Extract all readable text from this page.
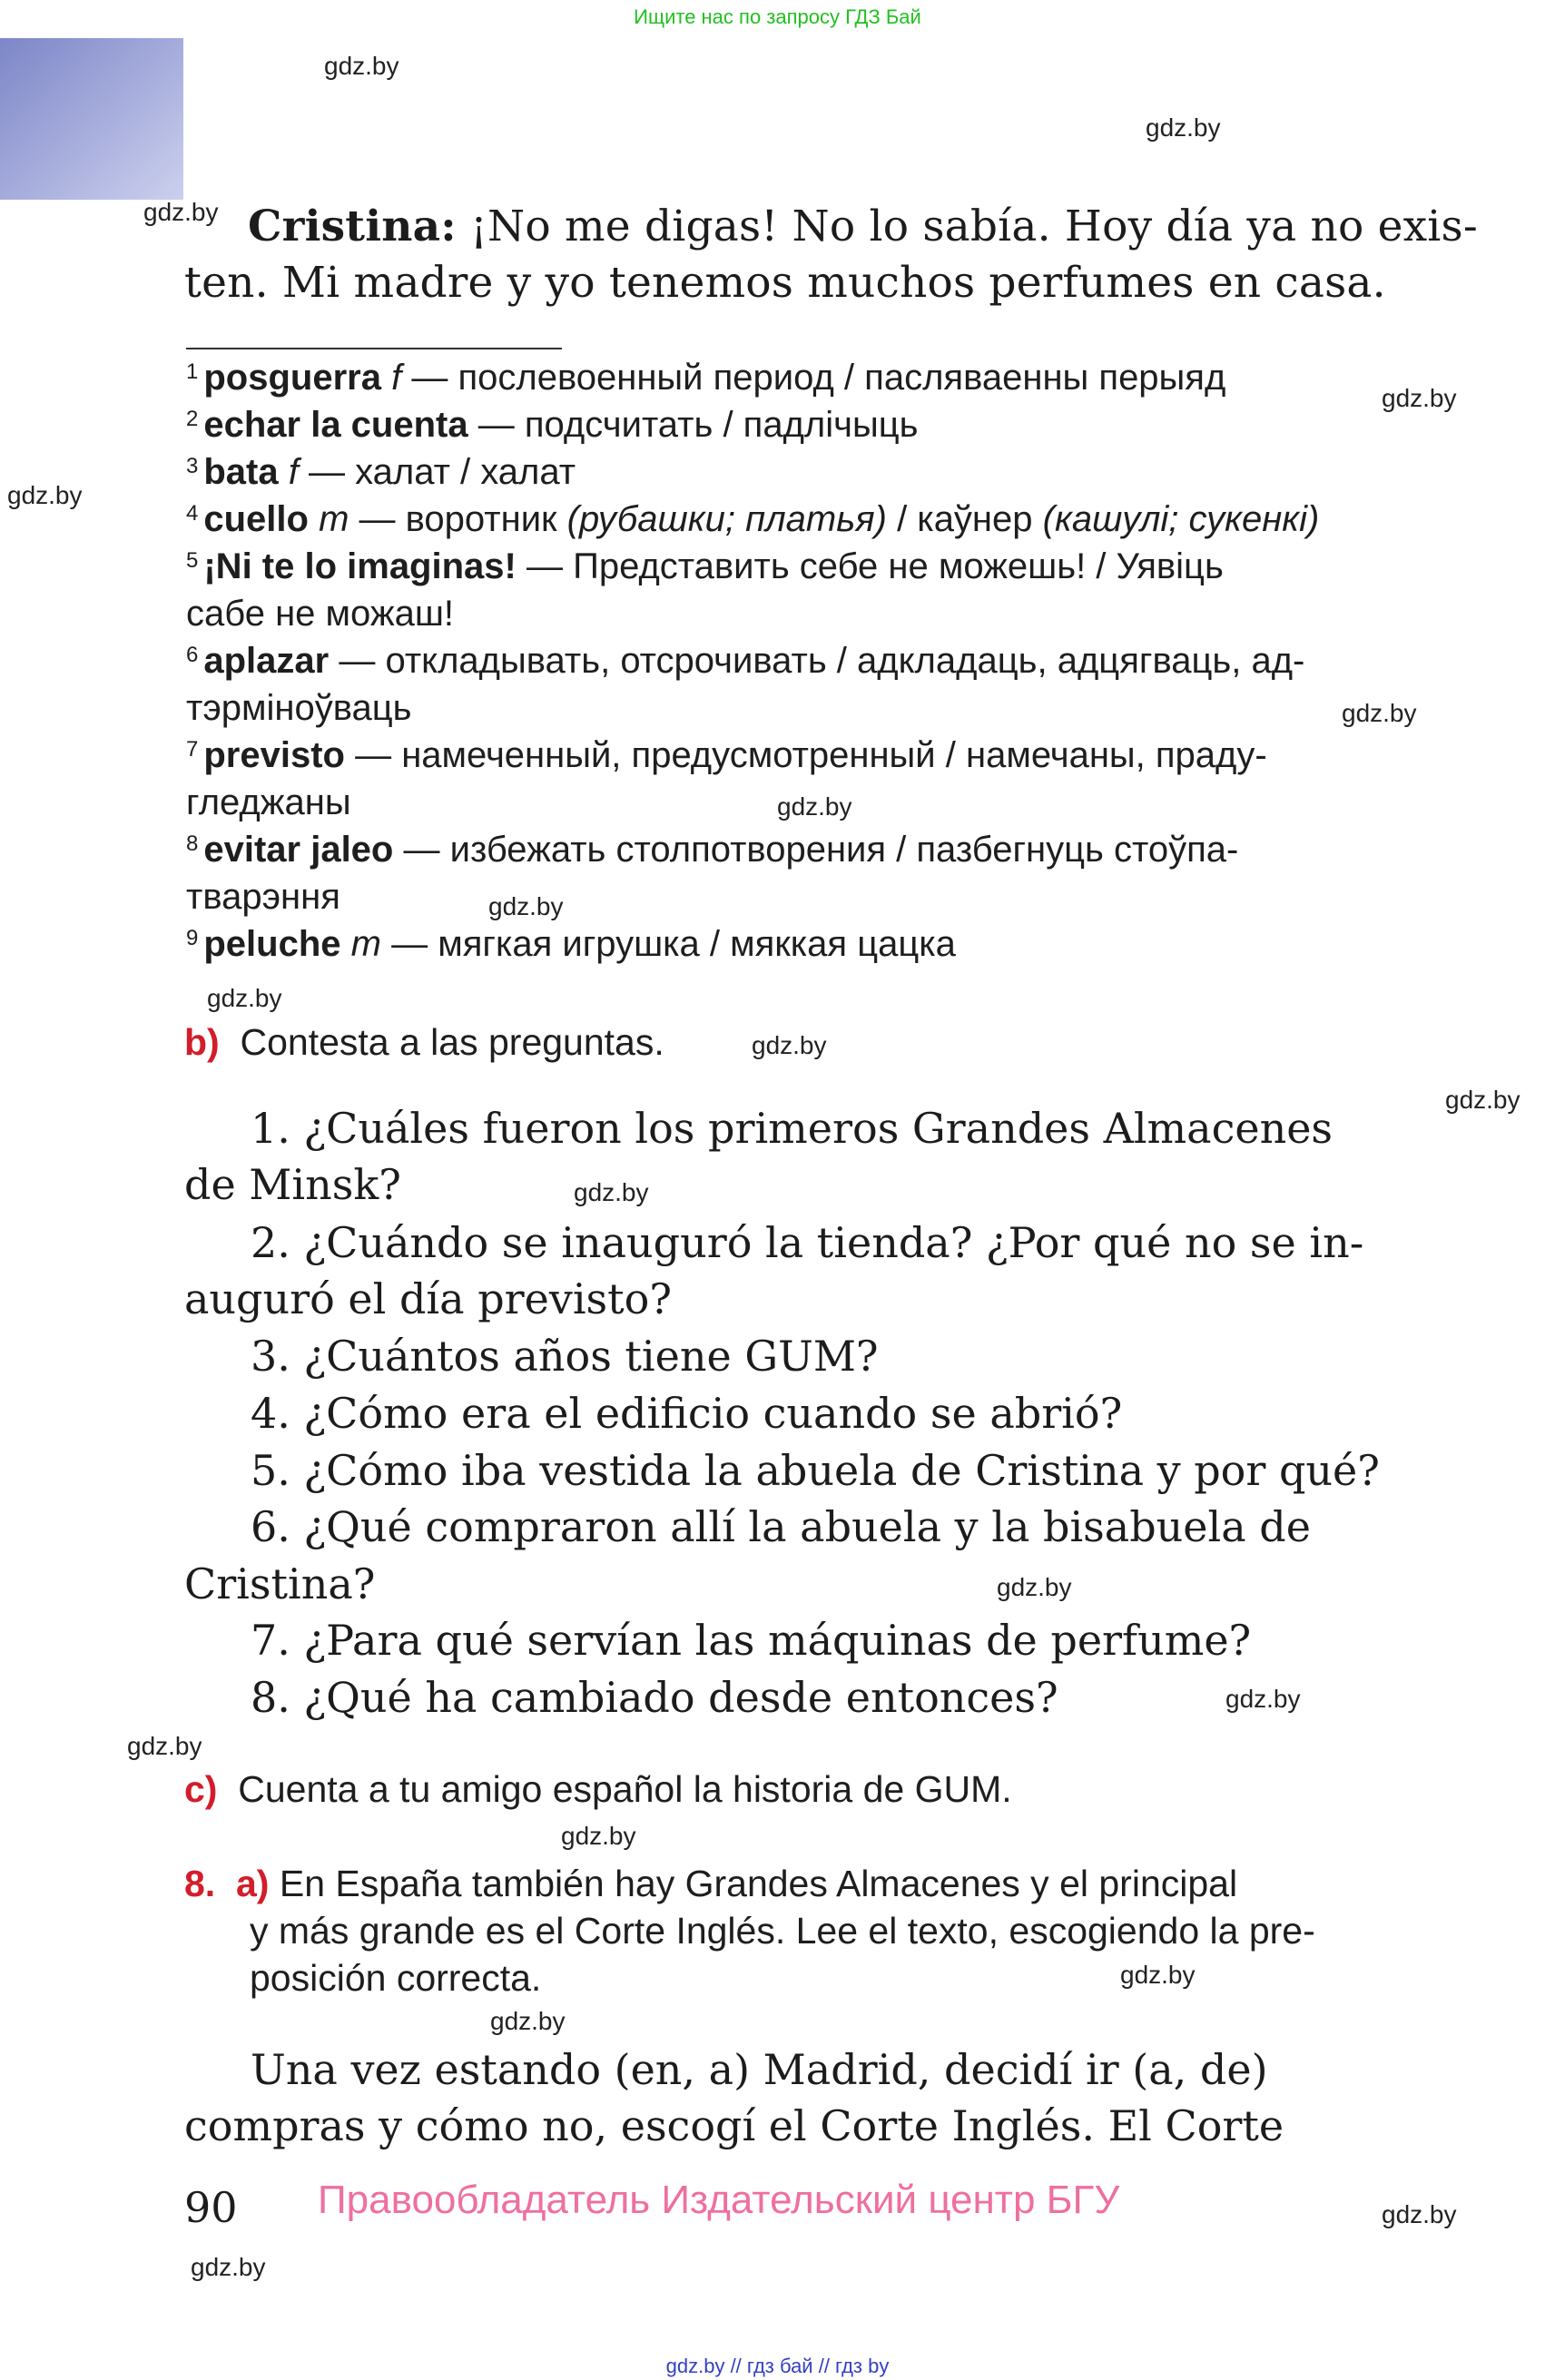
Ищите нас по запросу ГДЗ Бай
gdz.by
gdz.by
gdz.by
gdz.by
gdz.by
gdz.by
gdz.by
gdz.by
gdz.by
gdz.by
gdz.by
gdz.by
gdz.by
gdz.by
gdz.by
gdz.by
gdz.by
gdz.by
gdz.by
gdz.by
Cristina: ¡No me digas! No lo sabía. Hoy día ya no exis-
ten. Mi madre y yo tenemos muchos perfumes en casa.
$^1$ posguerra f — послевоенный период / пасляваенны перыяд
$^2$ echar la cuenta — подсчитать / падлічыць
$^3$ bata f — халат / халат
$^4$ cuello m — воротник (рубашки; платья) / каўнер (кашулі; сукенкі)
$^5$ ¡Ni te lo imaginas! — Представить себе не можешь! / Уявіць
сабе не можаш!
$^6$ aplazar — откладывать, отсрочивать / адкладаць, адцягваць, ад-
тэрміноўваць
$^7$ previsto — намеченный, предусмотренный / намечаны, праду-
гледжаны
$^8$ evitar jaleo — избежать столпотворения / пазбегнуць стоўпа-
тварэння
$^9$ peluche m — мягкая игрушка / мяккая цацка
b) Contesta a las preguntas.
1. ¿Cuáles fueron los primeros Grandes Almacenes
de Minsk?
2. ¿Cuándo se inauguró la tienda? ¿Por qué no se in-
auguró el día previsto?
3. ¿Cuántos años tiene GUM?
4. ¿Cómo era el edificio cuando se abrió?
5. ¿Cómo iba vestida la abuela de Cristina y por qué?
6. ¿Qué compraron allí la abuela y la bisabuela de
Cristina?
7. ¿Para qué servían las máquinas de perfume?
8. ¿Qué ha cambiado desde entonces?
c) Cuenta a tu amigo español la historia de GUM.
8. a) En España también hay Grandes Almacenes y el principal
y más grande es el Corte Inglés. Lee el texto, escogiendo la pre-
posición correcta.
Una vez estando (en, a) Madrid, decidí ir (a, de)
compras y cómo no, escogí el Corte Inglés. El Corte
90 Правообладатель Издательский центр БГУ
gdz.by // гдз бай // гдз by
